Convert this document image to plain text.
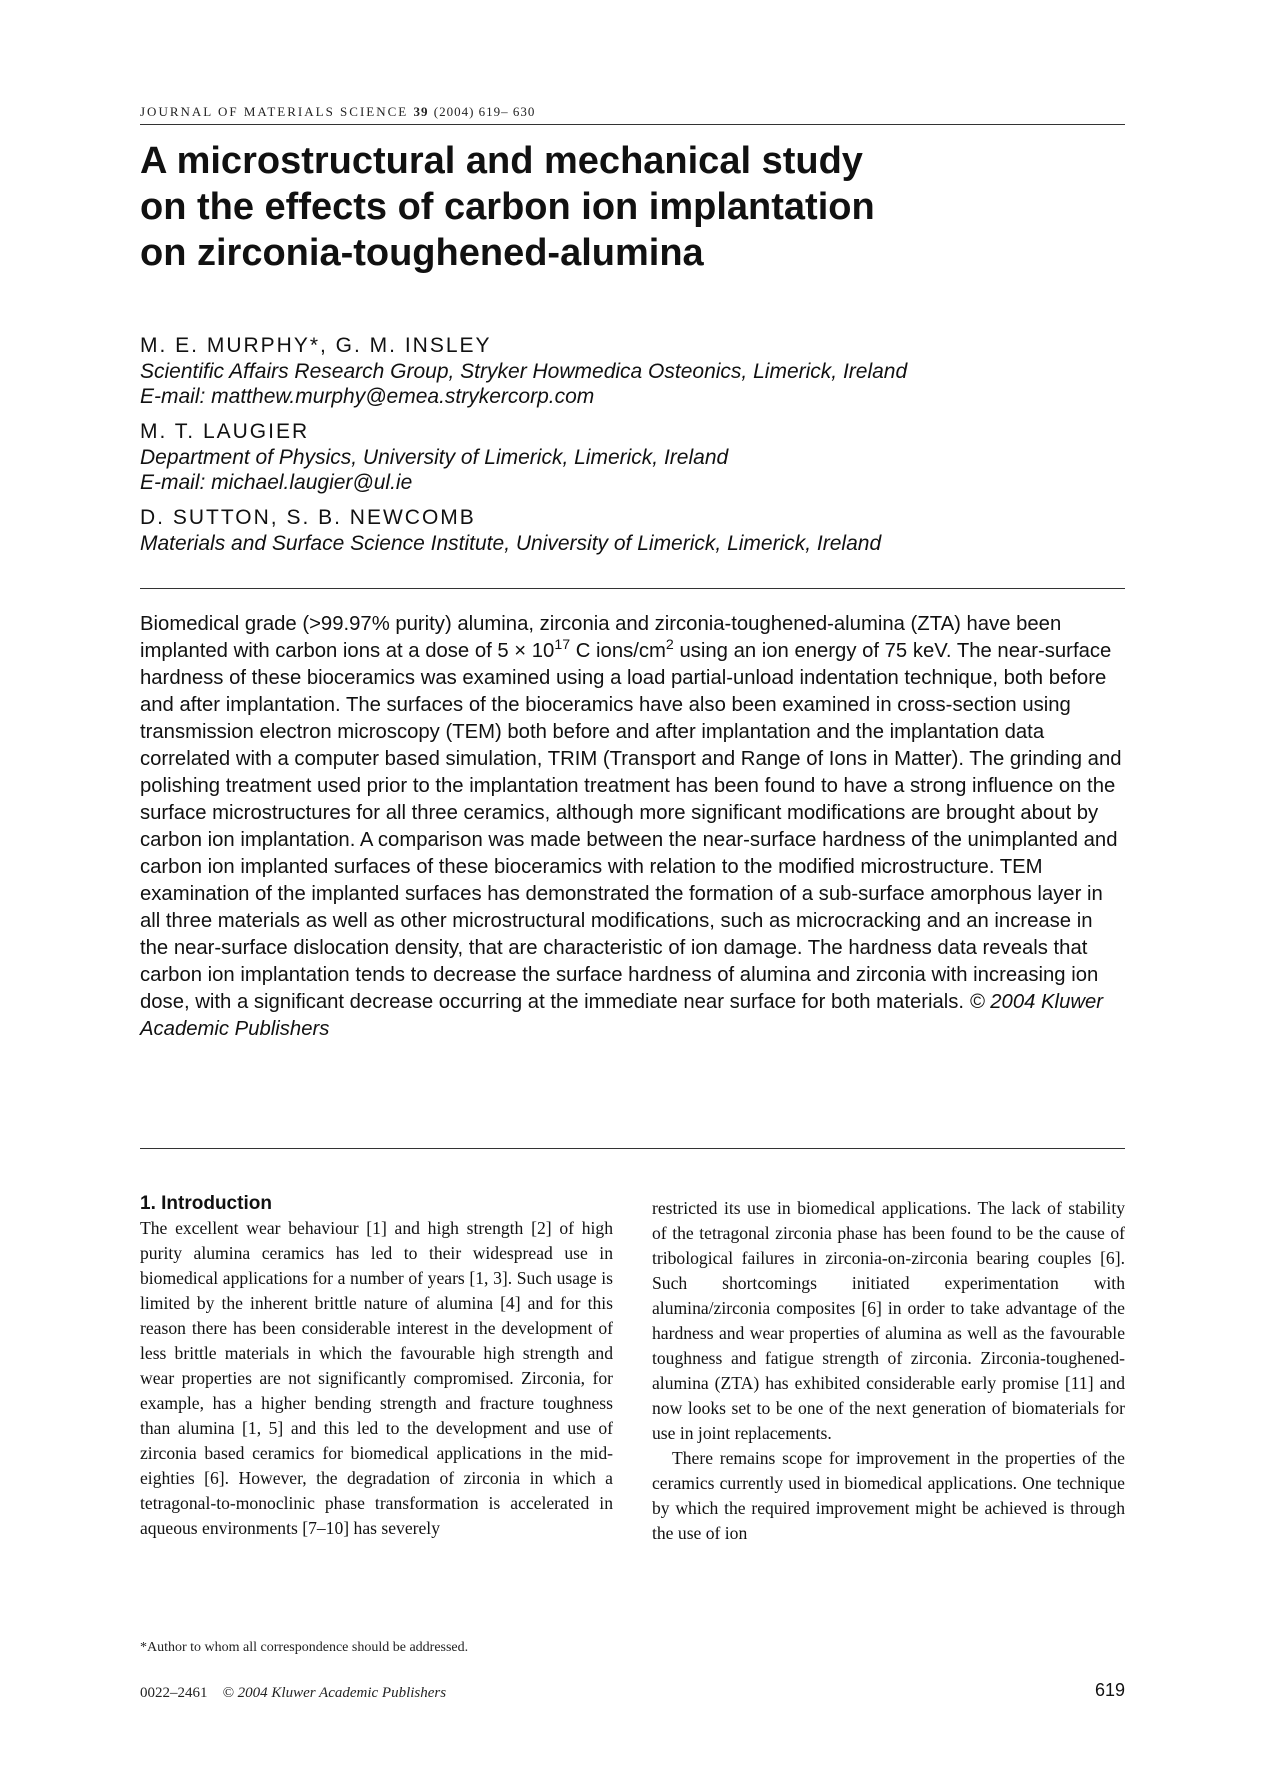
JOURNAL OF MATERIALS SCIENCE 39 (2004) 619– 630
A microstructural and mechanical study
on the effects of carbon ion implantation
on zirconia-toughened-alumina
M. E. MURPHY*, G. M. INSLEY
Scientific Affairs Research Group, Stryker Howmedica Osteonics, Limerick, Ireland
E-mail: matthew.murphy@emea.strykercorp.com
M. T. LAUGIER
Department of Physics, University of Limerick, Limerick, Ireland
E-mail: michael.laugier@ul.ie
D. SUTTON, S. B. NEWCOMB
Materials and Surface Science Institute, University of Limerick, Limerick, Ireland
Biomedical grade (>99.97% purity) alumina, zirconia and zirconia-toughened-alumina (ZTA) have been implanted with carbon ions at a dose of $5 \times 10^{17}$ C ions/$cm^2$ using an ion energy of 75 keV. The near-surface hardness of these bioceramics was examined using a load partial-unload indentation technique, both before and after implantation. The surfaces of the bioceramics have also been examined in cross-section using transmission electron microscopy (TEM) both before and after implantation and the implantation data correlated with a computer based simulation, TRIM (Transport and Range of Ions in Matter). The grinding and polishing treatment used prior to the implantation treatment has been found to have a strong influence on the surface microstructures for all three ceramics, although more significant modifications are brought about by carbon ion implantation. A comparison was made between the near-surface hardness of the unimplanted and carbon ion implanted surfaces of these bioceramics with relation to the modified microstructure. TEM examination of the implanted surfaces has demonstrated the formation of a sub-surface amorphous layer in all three materials as well as other microstructural modifications, such as microcracking and an increase in the near-surface dislocation density, that are characteristic of ion damage. The hardness data reveals that carbon ion implantation tends to decrease the surface hardness of alumina and zirconia with increasing ion dose, with a significant decrease occurring at the immediate near surface for both materials. © 2004 Kluwer Academic Publishers
1. Introduction

The excellent wear behaviour [1] and high strength [2] of high purity alumina ceramics has led to their widespread use in biomedical applications for a number of years [1, 3]. Such usage is limited by the inherent brittle nature of alumina [4] and for this reason there has been considerable interest in the development of less brittle materials in which the favourable high strength and wear properties are not significantly compromised. Zirconia, for example, has a higher bending strength and fracture toughness than alumina [1, 5] and this led to the development and use of zirconia based ceramics for biomedical applications in the mid-eighties [6]. However, the degradation of zirconia in which a tetragonal-to-monoclinic phase transformation is accelerated in aqueous environments [7–10] has severely

restricted its use in biomedical applications. The lack of stability of the tetragonal zirconia phase has been found to be the cause of tribological failures in zirconia-on-zirconia bearing couples [6]. Such shortcomings initiated experimentation with alumina/zirconia composites [6] in order to take advantage of the hardness and wear properties of alumina as well as the favourable toughness and fatigue strength of zirconia. Zirconia-toughened-alumina (ZTA) has exhibited considerable early promise [11] and now looks set to be one of the next generation of biomaterials for use in joint replacements.

There remains scope for improvement in the properties of the ceramics currently used in biomedical applications. One technique by which the required improvement might be achieved is through the use of ion

*Author to whom all correspondence should be addressed.
0022–2461 © 2004 Kluwer Academic Publishers	619
